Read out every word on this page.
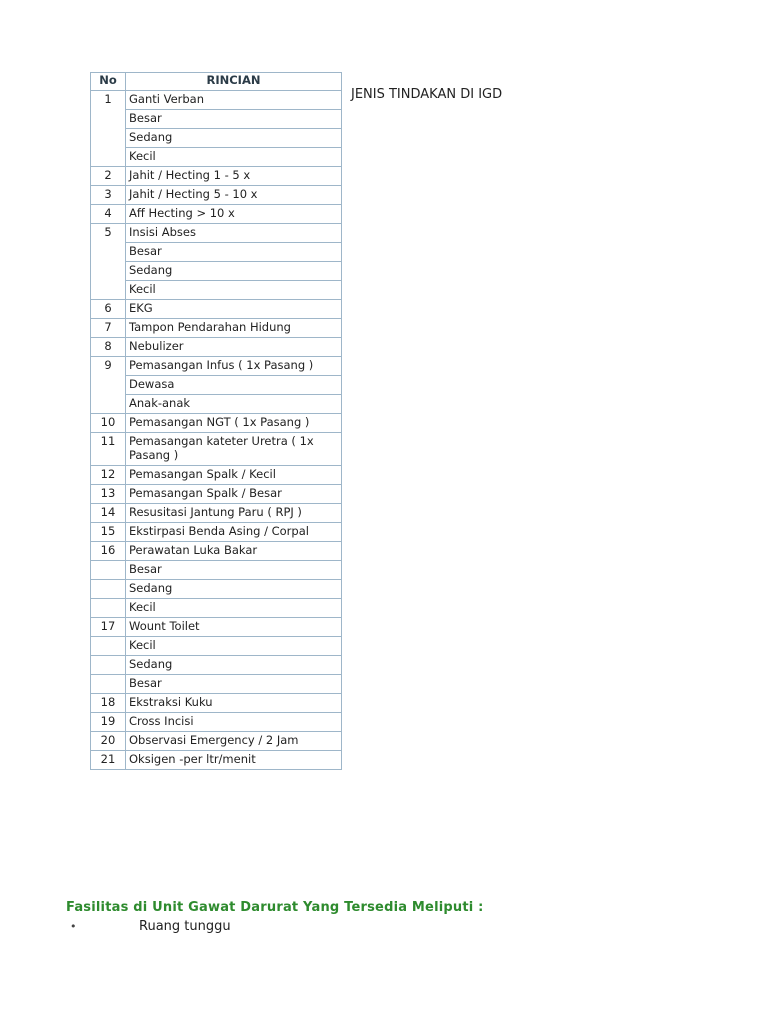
No	RINCIAN
1	Ganti Verban
	Besar
	Sedang
	Kecil
2	Jahit / Hecting 1 - 5 x
3	Jahit / Hecting 5 - 10 x
4	Aff Hecting > 10 x
5	Insisi Abses
	Besar
	Sedang
	Kecil
6	EKG
7	Tampon Pendarahan Hidung
8	Nebulizer
9	Pemasangan Infus ( 1x Pasang )
	Dewasa
	Anak-anak
10	Pemasangan NGT ( 1x Pasang )
11	Pemasangan kateter Uretra ( 1x Pasang )
12	Pemasangan Spalk / Kecil
13	Pemasangan Spalk / Besar
14	Resusitasi Jantung Paru ( RPJ )
15	Ekstirpasi Benda Asing / Corpal
16	Perawatan Luka Bakar
	Besar
	Sedang
	Kecil
17	Wount Toilet
	Kecil
	Sedang
	Besar
18	Ekstraksi Kuku
19	Cross Incisi
20	Observasi Emergency / 2 Jam
21	Oksigen -per ltr/menit
JENIS TINDAKAN DI IGD
Fasilitas di Unit Gawat Darurat Yang Tersedia Meliputi :
•	Ruang tunggu
